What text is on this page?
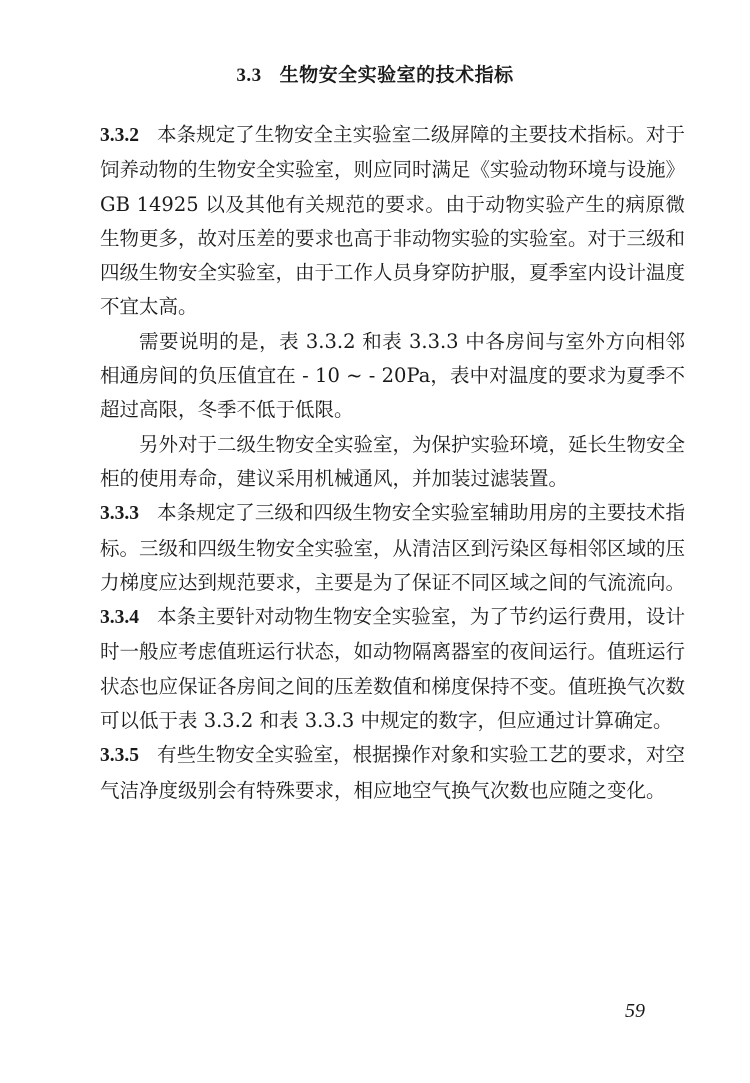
3.3 生物安全实验室的技术指标

3.3.2 本条规定了生物安全主实验室二级屏障的主要技术指标。对于饲养动物的生物安全实验室，则应同时满足《实验动物环境与设施》GB 14925 以及其他有关规范的要求。由于动物实验产生的病原微生物更多，故对压差的要求也高于非动物实验的实验室。对于三级和四级生物安全实验室，由于工作人员身穿防护服，夏季室内设计温度不宜太高。

需要说明的是，表 3.3.2 和表 3.3.3 中各房间与室外方向相邻相通房间的负压值宜在 - 10 ~ - 20Pa，表中对温度的要求为夏季不超过高限，冬季不低于低限。

另外对于二级生物安全实验室，为保护实验环境，延长生物安全柜的使用寿命，建议采用机械通风，并加装过滤装置。

3.3.3 本条规定了三级和四级生物安全实验室辅助用房的主要技术指标。三级和四级生物安全实验室，从清洁区到污染区每相邻区域的压力梯度应达到规范要求，主要是为了保证不同区域之间的气流流向。

3.3.4 本条主要针对动物生物安全实验室，为了节约运行费用，设计时一般应考虑值班运行状态，如动物隔离器室的夜间运行。值班运行状态也应保证各房间之间的压差数值和梯度保持不变。值班换气次数可以低于表 3.3.2 和表 3.3.3 中规定的数字，但应通过计算确定。

3.3.5 有些生物安全实验室，根据操作对象和实验工艺的要求，对空气洁净度级别会有特殊要求，相应地空气换气次数也应随之变化。

59
